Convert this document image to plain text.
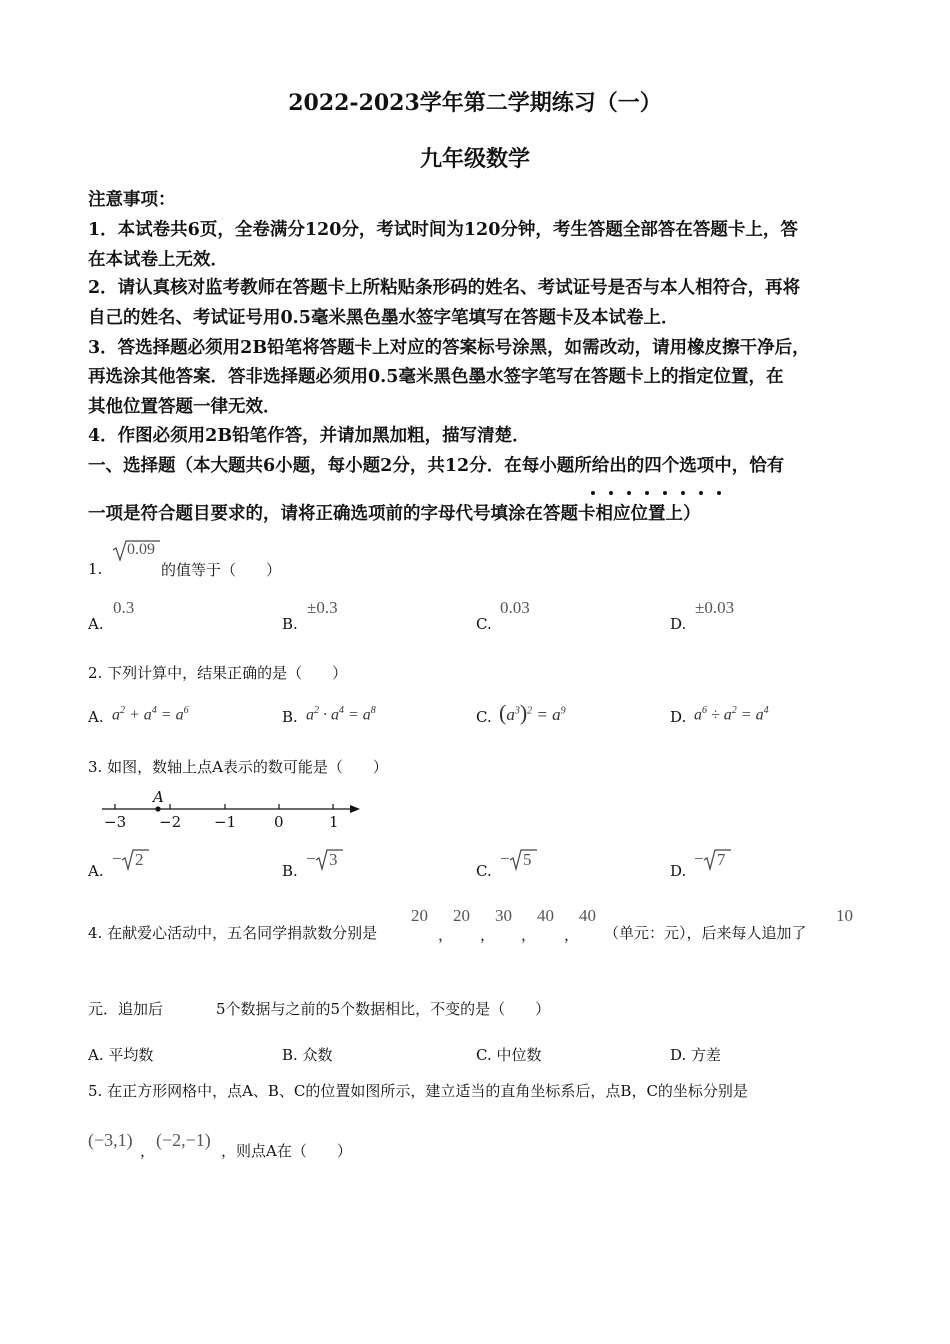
2022-2023学年第二学期练习（一）
九年级数学
注意事项：
1．本试卷共6页，全卷满分120分，考试时间为120分钟，考生答题全部答在答题卡上，答
在本试卷上无效．
2．请认真核对监考教师在答题卡上所粘贴条形码的姓名、考试证号是否与本人相符合，再将
自己的姓名、考试证号用0.5毫米黑色墨水签字笔填写在答题卡及本试卷上．
3．答选择题必须用2B铅笔将答题卡上对应的答案标号涂黑，如需改动，请用橡皮擦干净后，
再选涂其他答案．答非选择题必须用0.5毫米黑色墨水签字笔写在答题卡上的指定位置，在
其他位置答题一律无效．
4．作图必须用2B铅笔作答，并请加黑加粗，描写清楚．
一、选择题（本大题共6小题，每小题2分，共12分．在每小题所给出的四个选项中，恰有
一项是符合题目要求的，请将正确选项前的字母代号填涂在答题卡相应位置上）
1.
0.09
的值等于（　　）
A.
0.3
B.
±0.3
C.
0.03
D.
±0.03
2. 下列计算中，结果正确的是（　　）
A. $a^2 + a^4 = a^6$	B. $a^2 \cdot a^4 = a^8$	C. $(a^3)^2 = a^9$	D. $a^6 \div a^2 = a^4$
3. 如图，数轴上点A表示的数可能是（　　）
A
−3 −2 −1	0	1
A.
− 2
B.
− 3
C.
− 5
D.
− 7
4. 在献爱心活动中，五名同学捐款数分别是
20
，
20
，
30
，
40
，
40
（单元：元），后来每人追加了
10
元．追加后	5个数据与之前的5个数据相比，不变的是（　　）
A. 平均数	B. 众数	C. 中位数	D. 方差
5. 在正方形网格中，点A、B、C的位置如图所示，建立适当的直角坐标系后，点B，C的坐标分别是
(−3,1)
，
(−2,−1)
，则点A在（　　）
